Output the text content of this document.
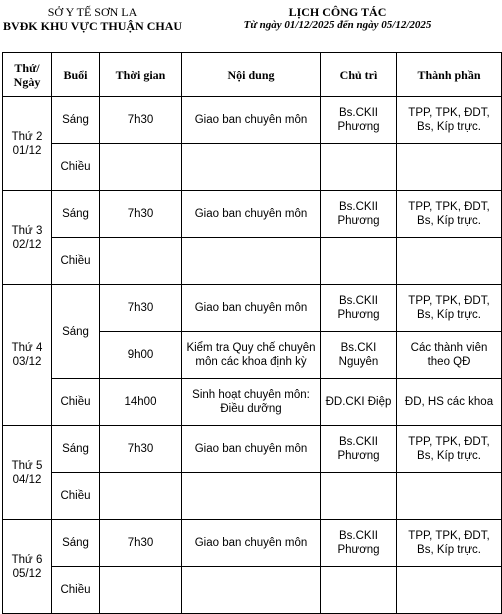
SỞ Y TẾ SƠN LA
BVĐK KHU VỰC THUẬN CHAU
LỊCH CÔNG TÁC
Từ ngày 01/12/2025 đến ngày 05/12/2025
Thứ/ Ngày	Buổi	Thời gian	Nội dung	Chủ trì	Thành phần

Thứ 2
01/12	Sáng	7h30	Giao ban chuyên môn	Bs.CKII Phương	TPP, TPK, ĐDT, Bs, Kíp trực.
	Chiều				

Thứ 3
02/12	Sáng	7h30	Giao ban chuyên môn	Bs.CKII Phương	TPP, TPK, ĐDT, Bs, Kíp trực.
	Chiều				

Thứ 4
03/12	Sáng	7h30	Giao ban chuyên môn	Bs.CKII Phương	TPP, TPK, ĐDT, Bs, Kíp trực.
		9h00	Kiểm tra Quy chế chuyên môn các khoa định kỳ	Bs.CKI Nguyên	Các thành viên theo QĐ
	Chiều	14h00	Sinh hoạt chuyên môn: Điều dưỡng	ĐD.CKI Điệp	ĐD, HS các khoa

Thứ 5
04/12	Sáng	7h30	Giao ban chuyên môn	Bs.CKII Phương	TPP, TPK, ĐDT, Bs, Kíp trực.
	Chiều				

Thứ 6
05/12	Sáng	7h30	Giao ban chuyên môn	Bs.CKII Phương	TPP, TPK, ĐDT, Bs, Kíp trực.
	Chiều				
